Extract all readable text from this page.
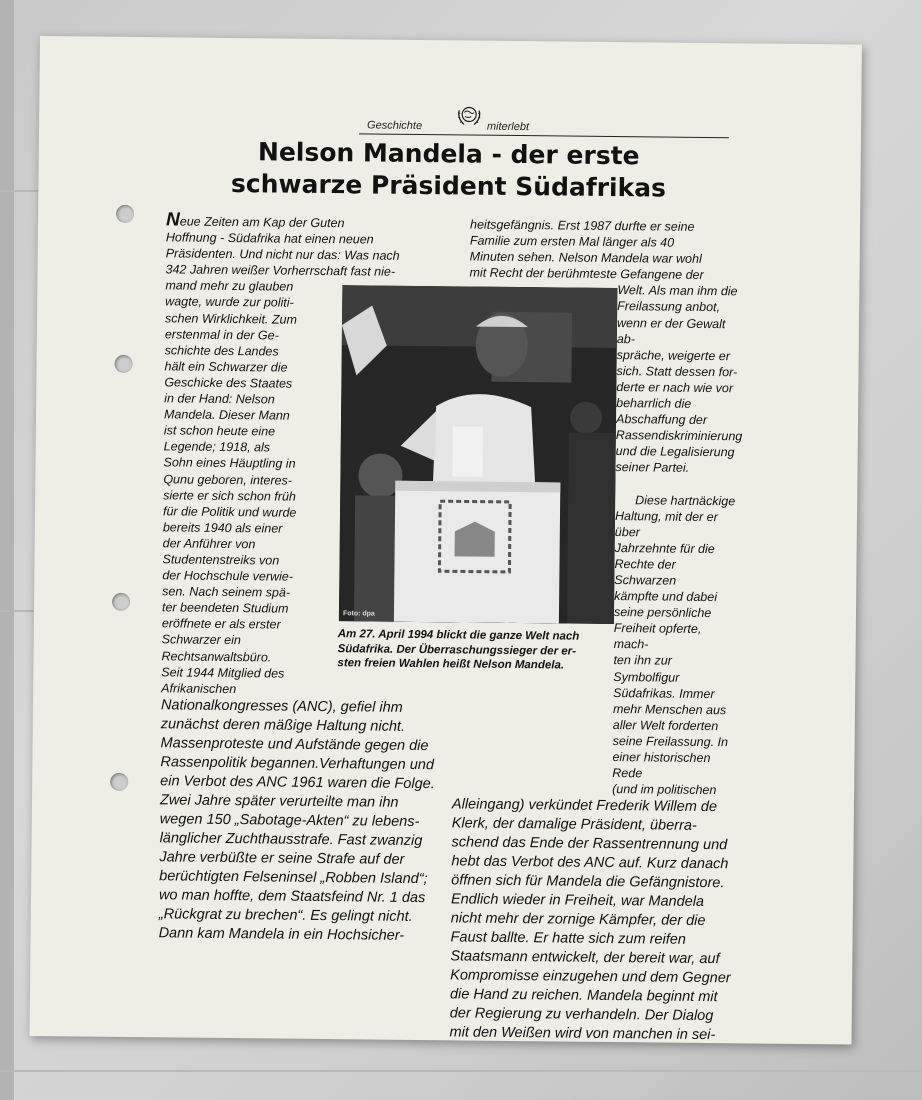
Geschichte	miterlebt
Nelson Mandela - der erste
schwarze Präsident Südafrikas

Neue Zeiten am Kap der Guten

Hoffnung - Südafrika hat einen neuen

Präsidenten. Und nicht nur das: Was nach

342 Jahren weißer Vorherrschaft fast nie-

mand mehr zu glauben

wagte, wurde zur politi-

schen Wirklichkeit. Zum

erstenmal in der Ge-

schichte des Landes

hält ein Schwarzer die

Geschicke des Staates

in der Hand: Nelson

Mandela. Dieser Mann

ist schon heute eine

Legende; 1918, als

Sohn eines Häuptling in

Qunu geboren, interes-

sierte er sich schon früh

für die Politik und wurde

bereits 1940 als einer

der Anführer von

Studentenstreiks von

der Hochschule verwie-

sen. Nach seinem spä-

ter beendeten Studium

eröffnete er als erster

Schwarzer ein

Rechtsanwaltsbüro.

Seit 1944 Mitglied des

Afrikanischen

Nationalkongresses (ANC), gefiel ihm

zunächst deren mäßige Haltung nicht.

Massenproteste und Aufstände gegen die

Rassenpolitik begannen.Verhaftungen und

ein Verbot des ANC 1961 waren die Folge.

Zwei Jahre später verurteilte man ihn

wegen 150 „Sabotage-Akten“ zu lebens-

länglicher Zuchthausstrafe. Fast zwanzig

Jahre verbüßte er seine Strafe auf der

berüchtigten Felseninsel „Robben Island“;

wo man hoffte, dem Staatsfeind Nr. 1 das

„Rückgrat zu brechen“. Es gelingt nicht.

Dann kam Mandela in ein Hochsicher-

heitsgefängnis. Erst 1987 durfte er seine

Familie zum ersten Mal länger als 40

Minuten sehen. Nelson Mandela war wohl

mit Recht der berühmteste Gefangene der

Welt. Als man ihm die

Freilassung anbot,

wenn er der Gewalt ab-

spräche, weigerte er

sich. Statt dessen for-

derte er nach wie vor

beharrlich die

Abschaffung der

Rassendiskriminierung

und die Legalisierung

seiner Partei.

Diese hartnäckige

Haltung, mit der er über

Jahrzehnte für die

Rechte der Schwarzen

kämpfte und dabei

seine persönliche

Freiheit opferte, mach-

ten ihn zur Symbolfigur

Südafrikas. Immer

mehr Menschen aus

aller Welt forderten

seine Freilassung. In

einer historischen Rede

(und im politischen

Alleingang) verkündet Frederik Willem de

Klerk, der damalige Präsident, überra-

schend das Ende der Rassentrennung und

hebt das Verbot des ANC auf. Kurz danach

öffnen sich für Mandela die Gefängnistore.

Endlich wieder in Freiheit, war Mandela

nicht mehr der zornige Kämpfer, der die

Faust ballte. Er hatte sich zum reifen

Staatsmann entwickelt, der bereit war, auf

Kompromisse einzugehen und dem Gegner

die Hand zu reichen. Mandela beginnt mit

der Regierung zu verhandeln. Der Dialog

mit den Weißen wird von manchen in sei-

Foto: dpa
Am 27. April 1994 blickt die ganze Welt nach
Südafrika. Der Überraschungssieger der er-
sten freien Wahlen heißt Nelson Mandela.
